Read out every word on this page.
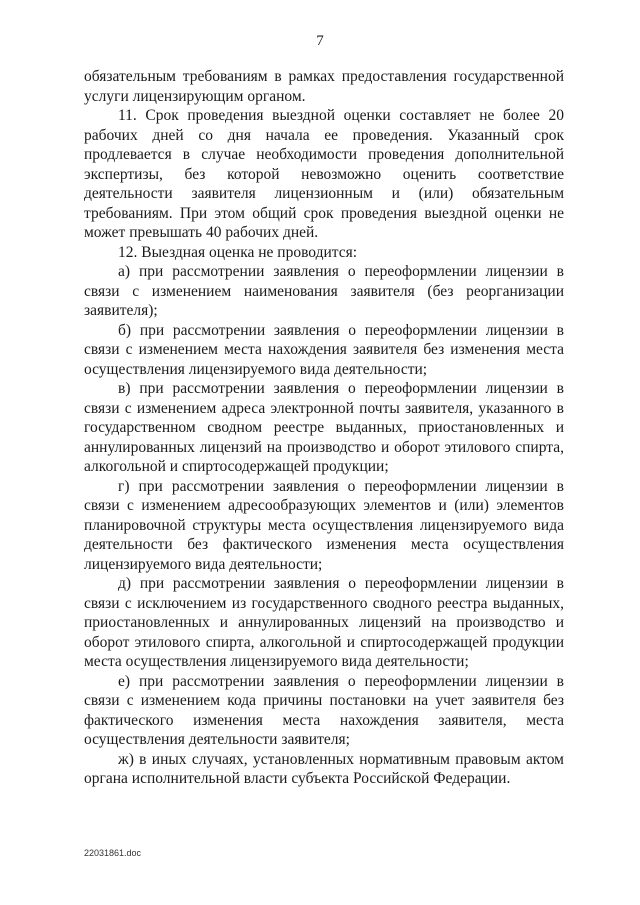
7

обязательным требованиям в рамках предоставления государственной услуги лицензирующим органом.

11. Срок проведения выездной оценки составляет не более 20 рабочих дней со дня начала ее проведения. Указанный срок продлевается в случае необходимости проведения дополнительной экспертизы, без которой невозможно оценить соответствие деятельности заявителя лицензионным и (или) обязательным требованиям. При этом общий срок проведения выездной оценки не может превышать 40 рабочих дней.

12. Выездная оценка не проводится:

а) при рассмотрении заявления о переоформлении лицензии в связи с изменением наименования заявителя (без реорганизации заявителя);

б) при рассмотрении заявления о переоформлении лицензии в связи с изменением места нахождения заявителя без изменения места осуществления лицензируемого вида деятельности;

в) при рассмотрении заявления о переоформлении лицензии в связи с изменением адреса электронной почты заявителя, указанного в государственном сводном реестре выданных, приостановленных и аннулированных лицензий на производство и оборот этилового спирта, алкогольной и спиртосодержащей продукции;

г) при рассмотрении заявления о переоформлении лицензии в связи с изменением адресообразующих элементов и (или) элементов планировочной структуры места осуществления лицензируемого вида деятельности без фактического изменения места осуществления лицензируемого вида деятельности;

д) при рассмотрении заявления о переоформлении лицензии в связи с исключением из государственного сводного реестра выданных, приостановленных и аннулированных лицензий на производство и оборот этилового спирта, алкогольной и спиртосодержащей продукции места осуществления лицензируемого вида деятельности;

е) при рассмотрении заявления о переоформлении лицензии в связи с изменением кода причины постановки на учет заявителя без фактического изменения места нахождения заявителя, места осуществления деятельности заявителя;

ж) в иных случаях, установленных нормативным правовым актом органа исполнительной власти субъекта Российской Федерации.

22031861.doc
